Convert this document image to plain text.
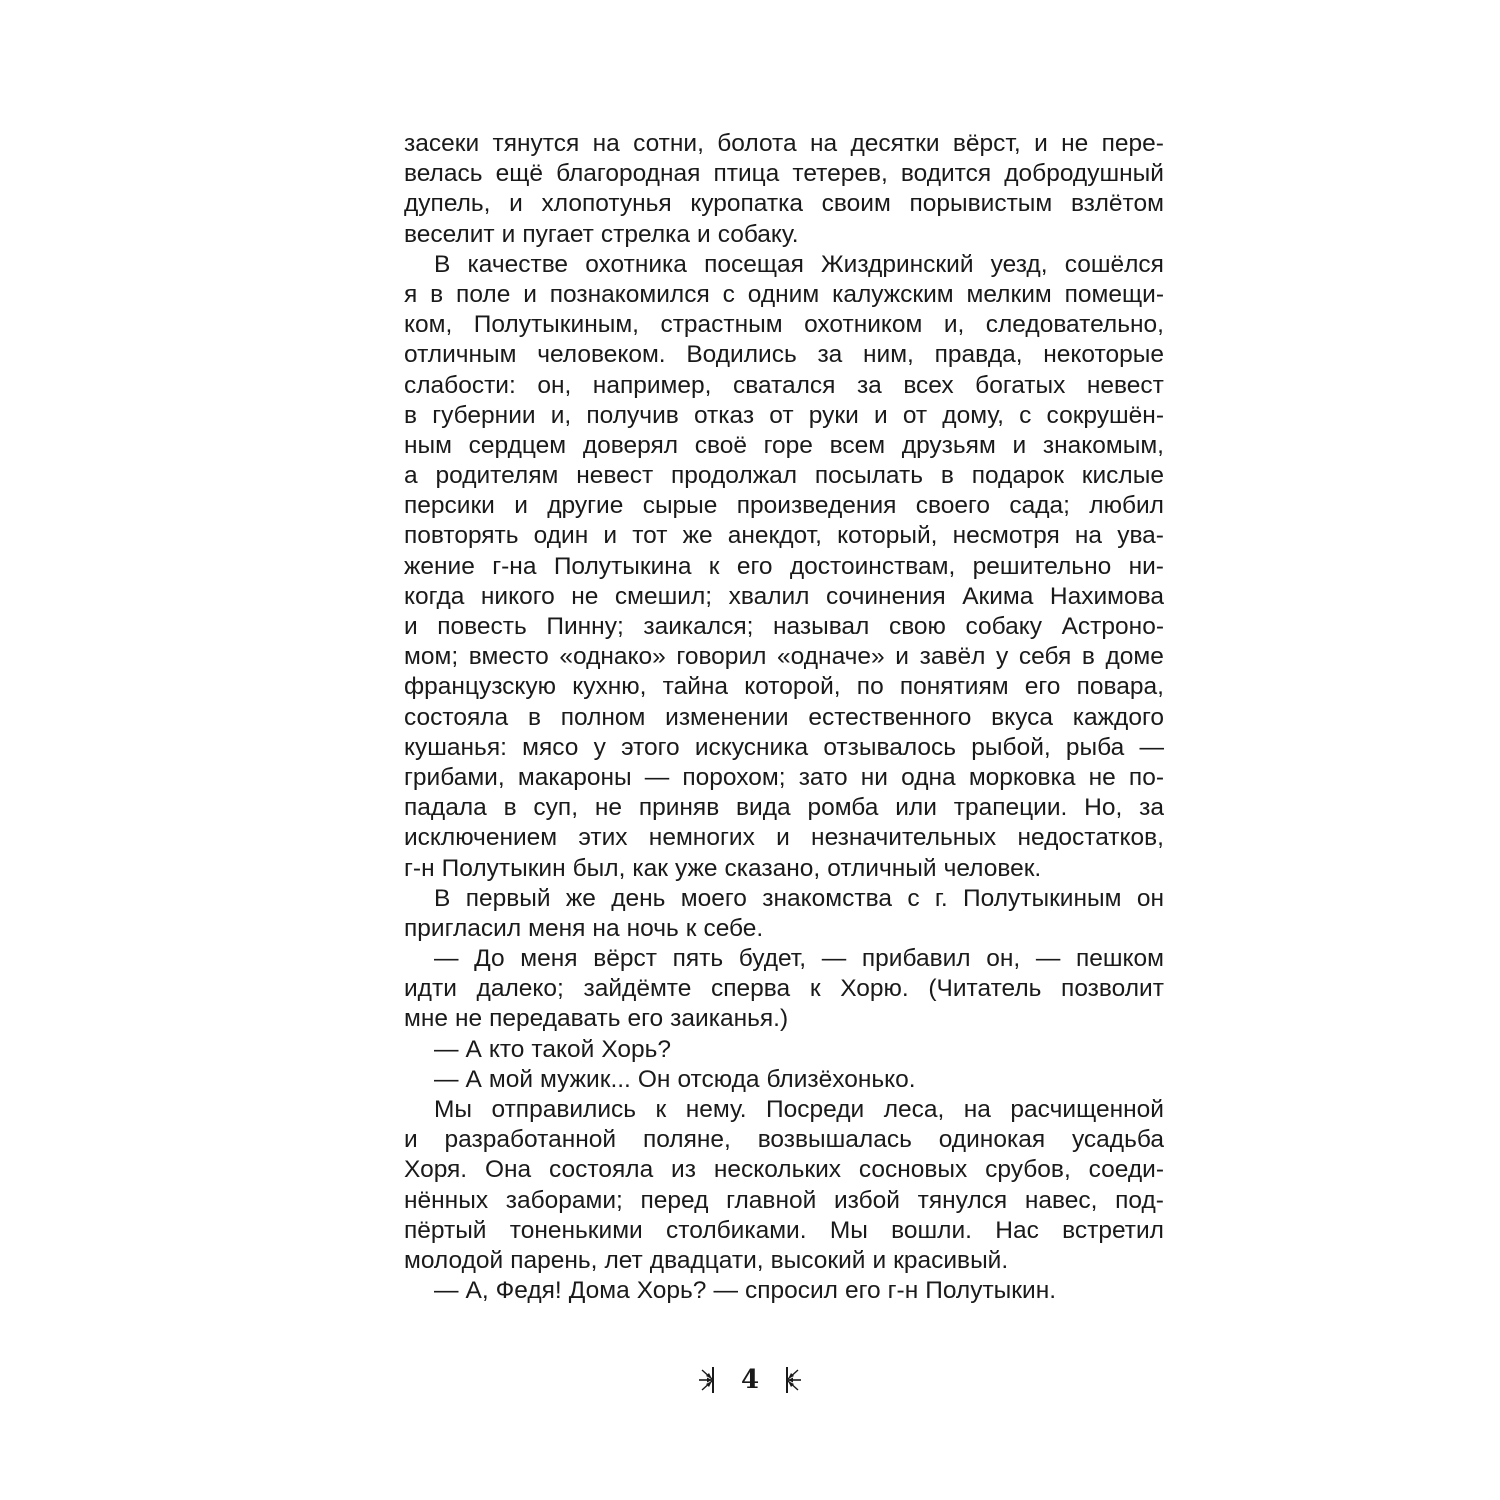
засеки тянутся на сотни, болота на десятки вёрст, и не пере-
велась ещё благородная птица тетерев, водится добродушный
дупель, и хлопотунья куропатка своим порывистым взлётом
веселит и пугает стрелка и собаку.
В качестве охотника посещая Жиздринский уезд, сошёлся
я в поле и познакомился с одним калужским мелким помещи-
ком, Полутыкиным, страстным охотником и, следовательно,
отличным человеком. Водились за ним, правда, некоторые
слабости: он, например, сватался за всех богатых невест
в губернии и, получив отказ от руки и от дому, с сокрушён-
ным сердцем доверял своё горе всем друзьям и знакомым,
а родителям невест продолжал посылать в подарок кислые
персики и другие сырые произведения своего сада; любил
повторять один и тот же анекдот, который, несмотря на ува-
жение г-на Полутыкина к его достоинствам, решительно ни-
когда никого не смешил; хвалил сочинения Акима Нахимова
и повесть Пинну; заикался; называл свою собаку Астроно-
мом; вместо «однако» говорил «одначе» и завёл у себя в доме
французскую кухню, тайна которой, по понятиям его повара,
состояла в полном изменении естественного вкуса каждого
кушанья: мясо у этого искусника отзывалось рыбой, рыба —
грибами, макароны — порохом; зато ни одна морковка не по-
падала в суп, не приняв вида ромба или трапеции. Но, за
исключением этих немногих и незначительных недостатков,
г-н Полутыкин был, как уже сказано, отличный человек.
В первый же день моего знакомства с г. Полутыкиным он
пригласил меня на ночь к себе.
— До меня вёрст пять будет, — прибавил он, — пешком
идти далеко; зайдёмте сперва к Хорю. (Читатель позволит
мне не передавать его заиканья.)
— А кто такой Хорь?
— А мой мужик... Он отсюда близёхонько.
Мы отправились к нему. Посреди леса, на расчищенной
и разработанной поляне, возвышалась одинокая усадьба
Хоря. Она состояла из нескольких сосновых срубов, соеди-
нённых заборами; перед главной избой тянулся навес, под-
пёртый тоненькими столбиками. Мы вошли. Нас встретил
молодой парень, лет двадцати, высокий и красивый.
— А, Федя! Дома Хорь? — спросил его г-н Полутыкин.
4
